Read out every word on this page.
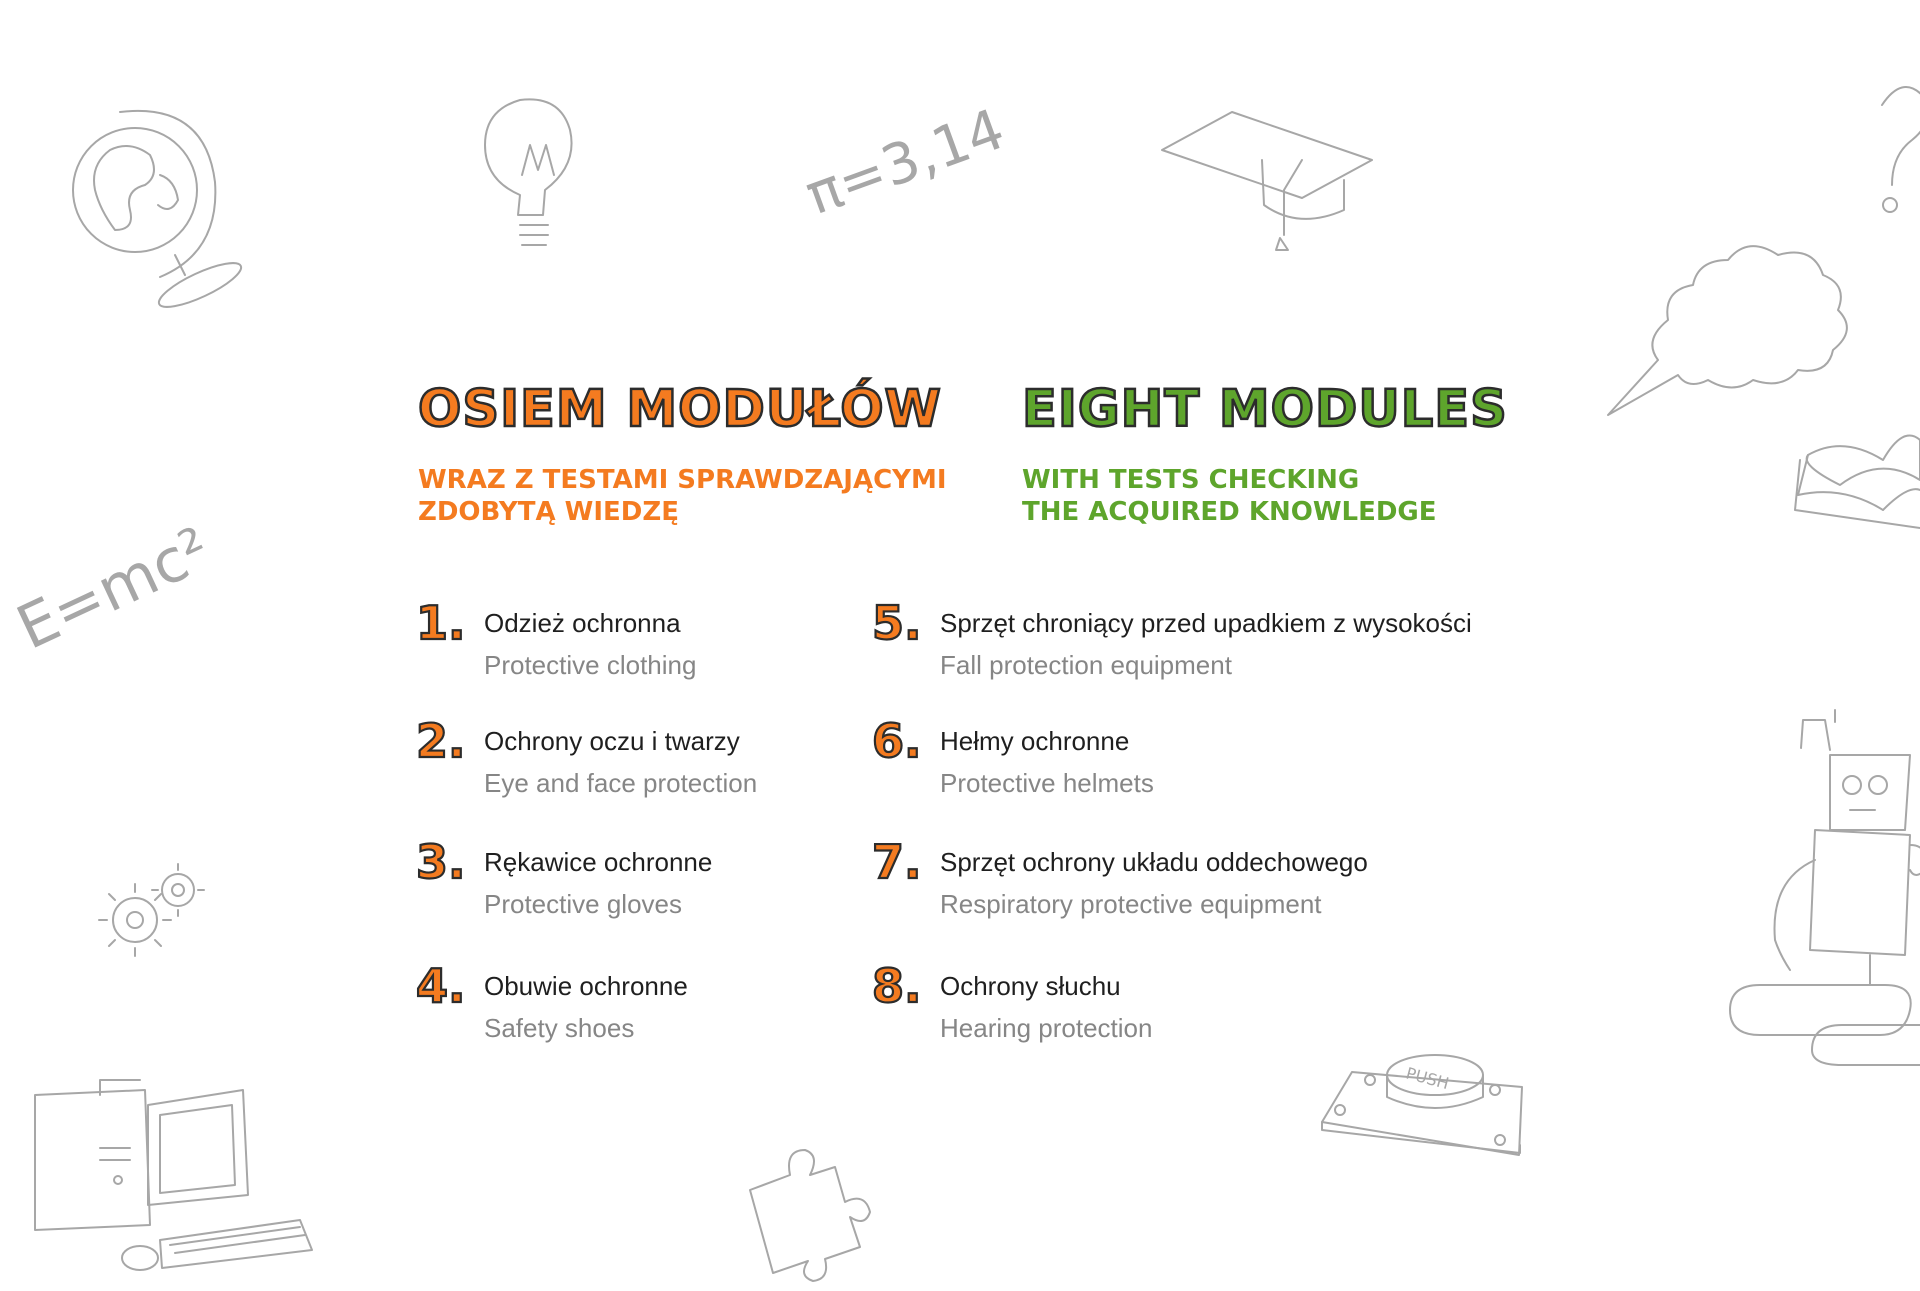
π=3,14
E=mc²
PUSH
OSIEM MODUŁÓW EIGHT MODULES
WRAZ Z TESTAMI SPRAWDZAJĄCYMI
ZDOBYTĄ WIEDZĘ
WITH TESTS CHECKING
THE ACQUIRED KNOWLEDGE
1. Odzież ochronna
Protective clothing
2. Ochrony oczu i twarzy
Eye and face protection
3. Rękawice ochronne
Protective gloves
4. Obuwie ochronne
Safety shoes
5. Sprzęt chroniący przed upadkiem z wysokości
Fall protection equipment
6. Hełmy ochronne
Protective helmets
7. Sprzęt ochrony układu oddechowego
Respiratory protective equipment
8. Ochrony słuchu
Hearing protection
